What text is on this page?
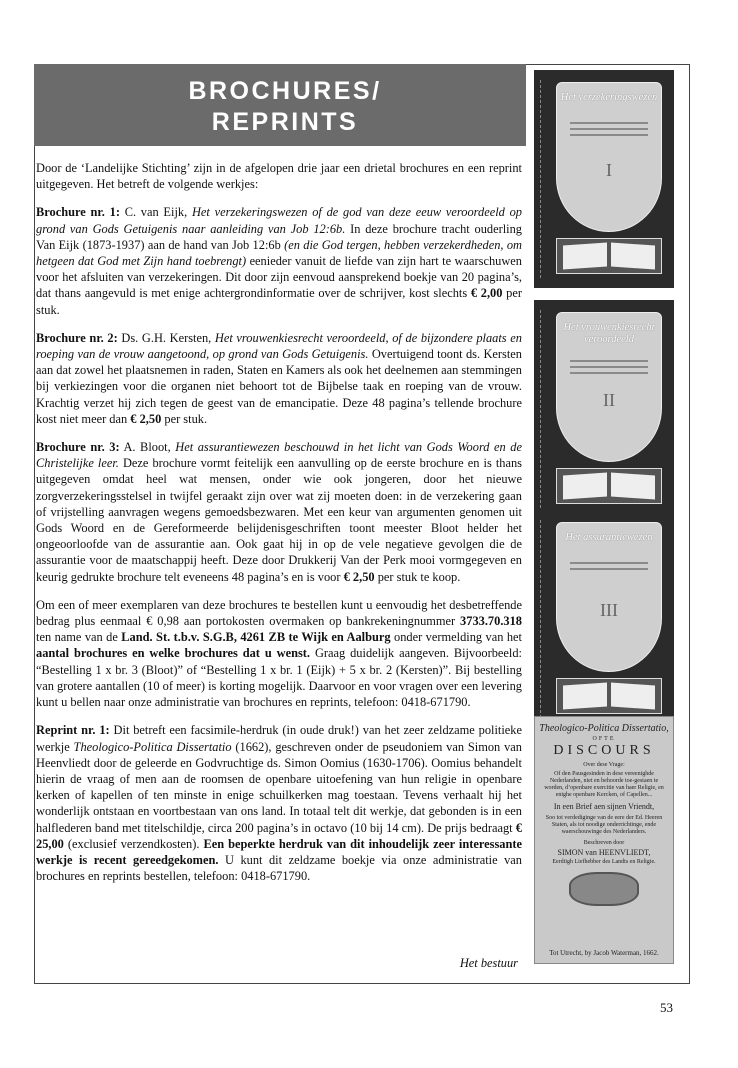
BROCHURES/
REPRINTS

Door de ‘Landelijke Stichting’ zijn in de afgelopen drie jaar een drietal brochures en een reprint uitgegeven. Het betreft de volgende werkjes:

Brochure nr. 1: C. van Eijk, Het verzekeringswezen of de god van deze eeuw veroordeeld op grond van Gods Getuigenis naar aanleiding van Job 12:6b. In deze brochure tracht ouderling Van Eijk (1873-1937) aan de hand van Job 12:6b (en die God tergen, hebben verzekerdheden, om hetgeen dat God met Zijn hand toebrengt) eenieder vanuit de liefde van zijn hart te waarschuwen voor het afsluiten van verzekeringen. Dit door zijn eenvoud aansprekend boekje van 20 pagina’s, dat thans aangevuld is met enige achtergrondinformatie over de schrijver, kost slechts € 2,00 per stuk.

Brochure nr. 2: Ds. G.H. Kersten, Het vrouwenkiesrecht veroordeeld, of de bijzondere plaats en roeping van de vrouw aangetoond, op grond van Gods Getuigenis. Overtuigend toont ds. Kersten aan dat zowel het plaatsnemen in raden, Staten en Kamers als ook het deelnemen aan stemmingen bij verkiezingen voor die organen niet behoort tot de Bijbelse taak en roeping van de vrouw. Krachtig verzet hij zich tegen de geest van de emancipatie. Deze 48 pagina’s tellende brochure kost niet meer dan € 2,50 per stuk.

Brochure nr. 3: A. Bloot, Het assurantiewezen beschouwd in het licht van Gods Woord en de Christelijke leer. Deze brochure vormt feitelijk een aanvulling op de eerste brochure en is thans uitgegeven omdat heel wat mensen, onder wie ook jongeren, door het nieuwe zorgverzekeringsstelsel in twijfel geraakt zijn over wat zij moeten doen: in de verzekering gaan of vrijstelling aanvragen wegens gemoedsbezwaren. Met een keur van argumenten genomen uit Gods Woord en de Gereformeerde belijdenisgeschriften toont meester Bloot helder het ongeoorloofde van de assurantie aan. Ook gaat hij in op de vele negatieve gevolgen die de assurantie voor de maatschappij heeft. Deze door Drukkerij Van der Perk mooi vormgegeven en keurig gedrukte brochure telt eveneens 48 pagina’s en is voor € 2,50 per stuk te koop.

Om een of meer exemplaren van deze brochures te bestellen kunt u eenvoudig het desbetreffende bedrag plus eenmaal € 0,98 aan portokosten overmaken op bankrekeningnummer 3733.70.318 ten name van de Land. St. t.b.v. S.G.B, 4261 ZB te Wijk en Aalburg onder vermelding van het aantal brochures en welke brochures dat u wenst. Graag duidelijk aangeven. Bijvoorbeeld: “Bestelling 1 x br. 3 (Bloot)” of “Bestelling 1 x br. 1 (Eijk) + 5 x br. 2 (Kersten)”. Bij bestelling van grotere aantallen (10 of meer) is korting mogelijk. Daarvoor en voor vragen over een levering kunt u bellen naar onze administratie van brochures en reprints, telefoon: 0418-671790.

Reprint nr. 1: Dit betreft een facsimile-herdruk (in oude druk!) van het zeer zeldzame politieke werkje Theologico-Politica Dissertatio (1662), geschreven onder de pseudoniem van Simon van Heenvliedt door de geleerde en Godvruchtige ds. Simon Oomius (1630-1706). Oomius behandelt hierin de vraag of men aan de roomsen de openbare uitoefening van hun religie in openbare kerken of kapellen of ten minste in enige schuilkerken mag toestaan. Tevens verhaalt hij het wonderlijk ontstaan en voortbestaan van ons land. In totaal telt dit werkje, dat gebonden is in een halflederen band met titelschildje, circa 200 pagina’s in octavo (10 bij 14 cm). De prijs bedraagt € 25,00 (exclusief verzendkosten). Een beperkte herdruk van dit inhoudelijk zeer interessante werkje is recent gereedgekomen. U kunt dit zeldzame boekje via onze administratie van brochures en reprints bestellen, telefoon: 0418-671790.

Het bestuur
Het verzekeringswezen
I
Het vrouwenkiesrecht veroordeeld
II
Het assurantiewezen
III
Theologico-Politica Dissertatio,
OFTE
DISCOURS
Over dese Vrage:
Of den Pausgesinden in dese vereenighde Nederlanden, niet en behoorde toe-gestaen te worden, d’openbare exercitie van haer Religie, en enighe openbare Kercken, of Capellen...
In een Brief aen sijnen Vriendt,
Soo tot verdediginge van de eere der Ed. Heeren Staten, als tot noodige onderrichtinge, ende waerschouwinge des Nederlanders.
Beschreven door
SIMON van HEENVLIEDT,
Eerdtigh Liefhebber des Landts en Religie.
Tot Utrecht, by Jacob Waterman, 1662.
53
